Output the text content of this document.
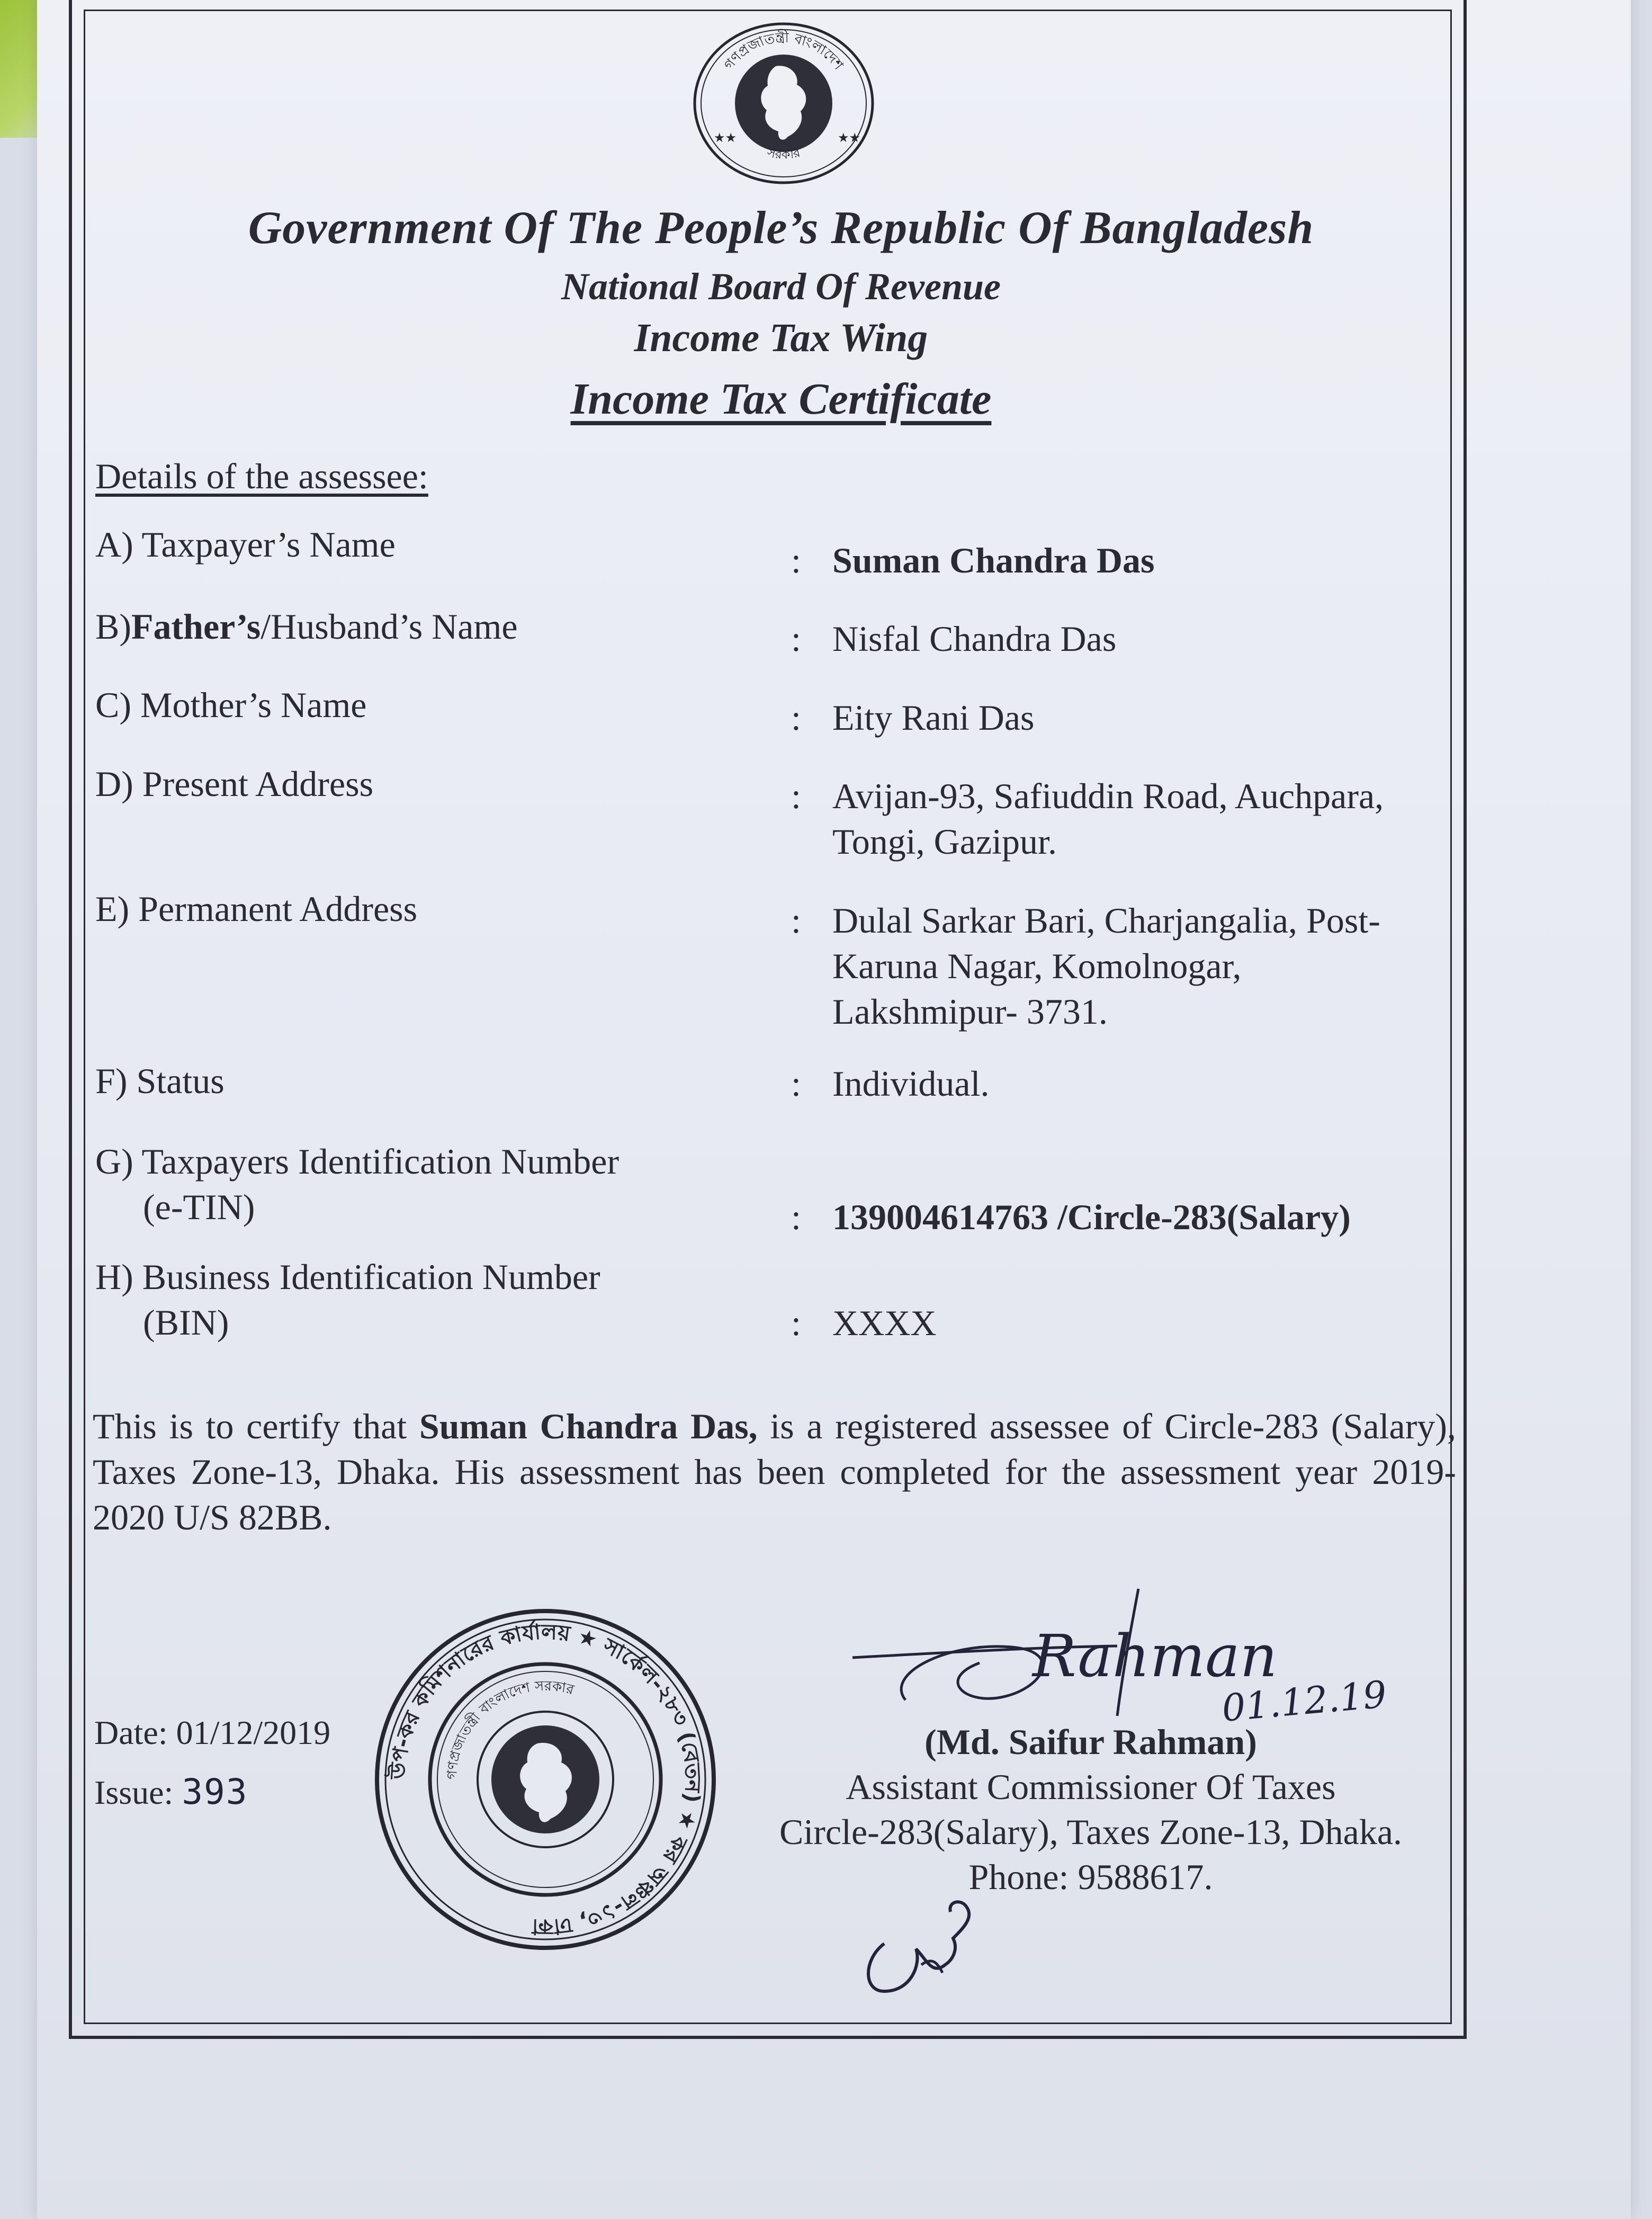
গণপ্রজাতন্ত্রী বাংলাদেশ
সরকার
★★	★★
Government Of The People’s Republic Of Bangladesh
National Board Of Revenue
Income Tax Wing
Income Tax Certificate
Details of the assessee:
A) Taxpayer’s Name	: Suman Chandra Das
B)Father’s/Husband’s Name	: Nisfal Chandra Das
C) Mother’s Name	: Eity Rani Das
D) Present Address	: Avijan-93, Safiuddin Road, Auchpara,
Tongi, Gazipur.
E) Permanent Address	: Dulal Sarkar Bari, Charjangalia, Post-
Karuna Nagar, Komolnogar,
Lakshmipur- 3731.
F) Status	: Individual.
G) Taxpayers Identification Number
(e-TIN)	: 139004614763 /Circle-283(Salary)
H) Business Identification Number
(BIN)	: XXXX
This is to certify that Suman Chandra Das, is a registered assessee of Circle-283 (Salary), Taxes Zone-13, Dhaka. His assessment has been completed for the assessment year 2019-2020 U/S 82BB.
Date: 01/12/2019
Issue: 393
উপ-কর কমিশনারের কার্যালয় ★ সার্কেল-২৮৩ (বেতন) ★ কর অঞ্চল-১৩, ঢাকা
গণপ্রজাতন্ত্রী বাংলাদেশ সরকার	Rahman
01.12.19
(Md. Saifur Rahman)
Assistant Commissioner Of Taxes
Circle-283(Salary), Taxes Zone-13, Dhaka.
Phone: 9588617.
